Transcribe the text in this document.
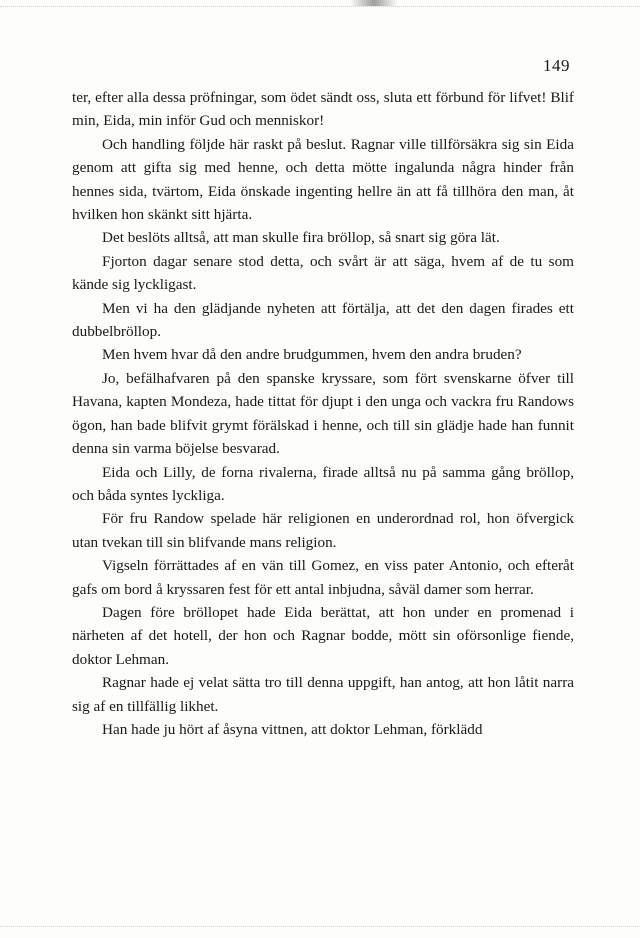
149

ter, efter alla dessa pröfningar, som ödet sändt oss, sluta ett förbund för lifvet! Blif min, Eida, min inför Gud och menniskor!

Och handling följde här raskt på beslut. Ragnar ville tillförsäkra sig sin Eida genom att gifta sig med henne, och detta mötte ingalunda några hinder från hennes sida, tvärtom, Eida önskade ingenting hellre än att få tillhöra den man, åt hvilken hon skänkt sitt hjärta.

Det beslöts alltså, att man skulle fira bröllop, så snart sig göra lät.

Fjorton dagar senare stod detta, och svårt är att säga, hvem af de tu som kände sig lyckligast.

Men vi ha den glädjande nyheten att förtälja, att det den dagen firades ett dubbelbröllop.

Men hvem hvar då den andre brudgummen, hvem den andra bruden?

Jo, befälhafvaren på den spanske kryssare, som fört svenskarne öfver till Havana, kapten Mondeza, hade tittat för djupt i den unga och vackra fru Randows ögon, han bade blifvit grymt förälskad i henne, och till sin glädje hade han funnit denna sin varma böjelse besvarad.

Eida och Lilly, de forna rivalerna, firade alltså nu på samma gång bröllop, och båda syntes lyckliga.

För fru Randow spelade här religionen en underordnad rol, hon öfvergick utan tvekan till sin blifvande mans religion.

Vigseln förrättades af en vän till Gomez, en viss pater Antonio, och efteråt gafs om bord å kryssaren fest för ett antal inbjudna, såväl damer som herrar.

Dagen före bröllopet hade Eida berättat, att hon under en promenad i närheten af det hotell, der hon och Ragnar bodde, mött sin oförsonlige fiende, doktor Lehman.

Ragnar hade ej velat sätta tro till denna uppgift, han antog, att hon låtit narra sig af en tillfällig likhet.

Han hade ju hört af åsyna vittnen, att doktor Lehman, förklädd
